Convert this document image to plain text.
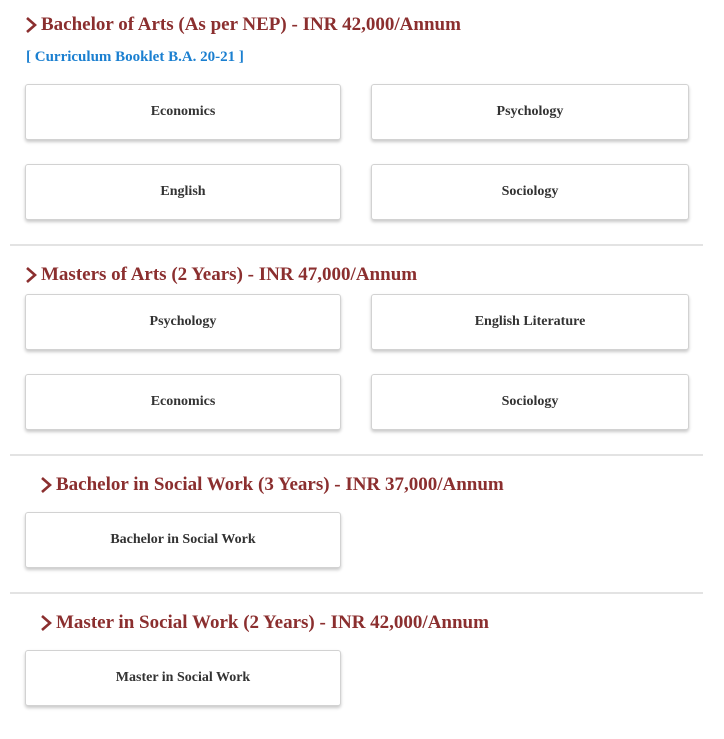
Bachelor of Arts (As per NEP) - INR 42,000/Annum
[ Curriculum Booklet B.A. 20-21 ]
Economics	Psychology
English	Sociology
Masters of Arts (2 Years) - INR 47,000/Annum
Psychology	English Literature
Economics	Sociology
Bachelor in Social Work (3 Years) - INR 37,000/Annum
Bachelor in Social Work
Master in Social Work (2 Years) - INR 42,000/Annum
Master in Social Work
